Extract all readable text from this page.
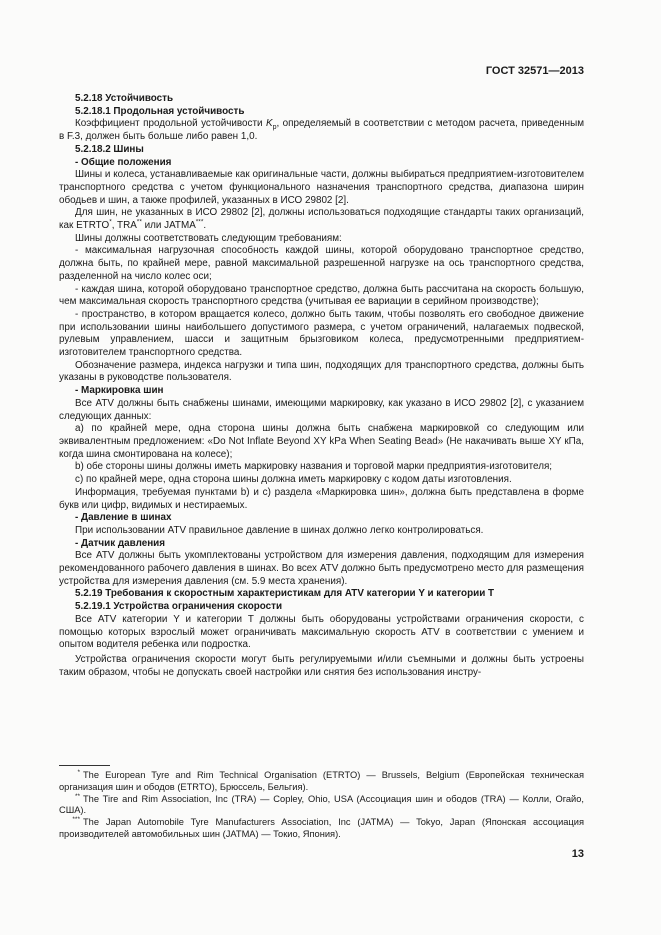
ГОСТ 32571—2013
5.2.18 Устойчивость
5.2.18.1 Продольная устойчивость
Коэффициент продольной устойчивости $K_р$, определяемый в соответствии с методом расчета, приведенным в F.3, должен быть больше либо равен 1,0.
5.2.18.2 Шины
- Общие положения
Шины и колеса, устанавливаемые как оригинальные части, должны выбираться предприятием-изготовителем транспортного средства с учетом функционального назначения транспортного средства, диапазона ширин ободьев и шин, а также профилей, указанных в ИСО 29802 [2].
Для шин, не указанных в ИСО 29802 [2], должны использоваться подходящие стандарты таких организаций, как ETRTO*, TRA** или JATMA***.
Шины должны соответствовать следующим требованиям:
- максимальная нагрузочная способность каждой шины, которой оборудовано транспортное средство, должна быть, по крайней мере, равной максимальной разрешенной нагрузке на ось транспортного средства, разделенной на число колес оси;
- каждая шина, которой оборудовано транспортное средство, должна быть рассчитана на скорость большую, чем максимальная скорость транспортного средства (учитывая ее вариации в серийном производстве);
- пространство, в котором вращается колесо, должно быть таким, чтобы позволять его свободное движение при использовании шины наибольшего допустимого размера, с учетом ограничений, налагаемых подвеской, рулевым управлением, шасси и защитным брызговиком колеса, предусмотренными предприятием-изготовителем транспортного средства.
Обозначение размера, индекса нагрузки и типа шин, подходящих для транспортного средства, должны быть указаны в руководстве пользователя.
- Маркировка шин
Все ATV должны быть снабжены шинами, имеющими маркировку, как указано в ИСО 29802 [2], с указанием следующих данных:
а) по крайней мере, одна сторона шины должна быть снабжена маркировкой со следующим или эквивалентным предложением: «Do Not Inflate Beyond XY kPa When Seating Bead» (Не накачивать выше XY кПа, когда шина смонтирована на колесе);
b) обе стороны шины должны иметь маркировку названия и торговой марки предприятия-изготовителя;
c) по крайней мере, одна сторона шины должна иметь маркировку с кодом даты изготовления.
Информация, требуемая пунктами b) и c) раздела «Маркировка шин», должна быть представлена в форме букв или цифр, видимых и нестираемых.
- Давление в шинах
При использовании ATV правильное давление в шинах должно легко контролироваться.
- Датчик давления
Все ATV должны быть укомплектованы устройством для измерения давления, подходящим для измерения рекомендованного рабочего давления в шинах. Во всех ATV должно быть предусмотрено место для размещения устройства для измерения давления (см. 5.9 места хранения).
5.2.19 Требования к скоростным характеристикам для ATV категории Y и категории T
5.2.19.1 Устройства ограничения скорости
Все ATV категории Y и категории T должны быть оборудованы устройствами ограничения скорости, с помощью которых взрослый может ограничивать максимальную скорость ATV в соответствии с умением и опытом водителя ребенка или подростка.
Устройства ограничения скорости могут быть регулируемыми и/или съемными и должны быть устроены таким образом, чтобы не допускать своей настройки или снятия без использования инстру-
* The European Tyre and Rim Technical Organisation (ETRTO) — Brussels, Belgium (Европейская техническая организация шин и ободов (ETRTO), Брюссель, Бельгия).
** The Tire and Rim Association, Inc (TRA) — Copley, Ohio, USA (Ассоциация шин и ободов (TRA) — Колли, Огайо, США).
*** The Japan Automobile Tyre Manufacturers Association, Inc (JATMA) — Tokyo, Japan (Японская ассоциация производителей автомобильных шин (JATMA) — Токио, Япония).
13
